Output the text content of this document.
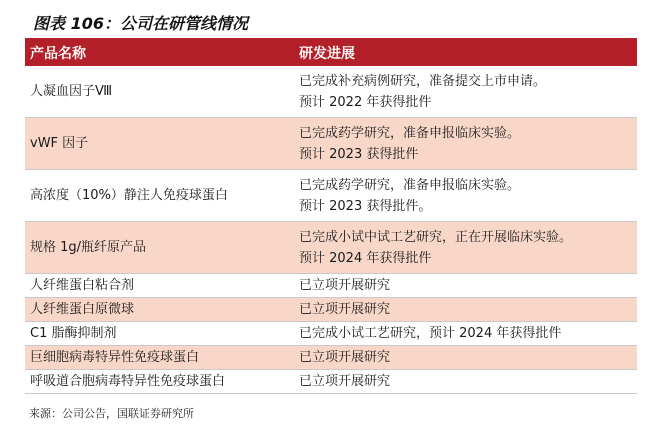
图表 106：公司在研管线情况
产品名称	研发进展
人凝血因子Ⅷ	已完成补充病例研究，准备提交上市申请。
预计 2022 年获得批件

vWF 因子	已完成药学研究，准备申报临床实验。
预计 2023 获得批件

高浓度（10%）静注人免疫球蛋白	已完成药学研究，准备申报临床实验。
预计 2023 获得批件。

规格 1g/瓶纤原产品	已完成小试中试工艺研究，正在开展临床实验。
预计 2024 年获得批件

人纤维蛋白粘合剂	已立项开展研究
人纤维蛋白原微球	已立项开展研究
C1 脂酶抑制剂	已完成小试工艺研究，预计 2024 年获得批件
巨细胞病毒特异性免疫球蛋白	已立项开展研究
呼吸道合胞病毒特异性免疫球蛋白	已立项开展研究
来源：公司公告，国联证券研究所
